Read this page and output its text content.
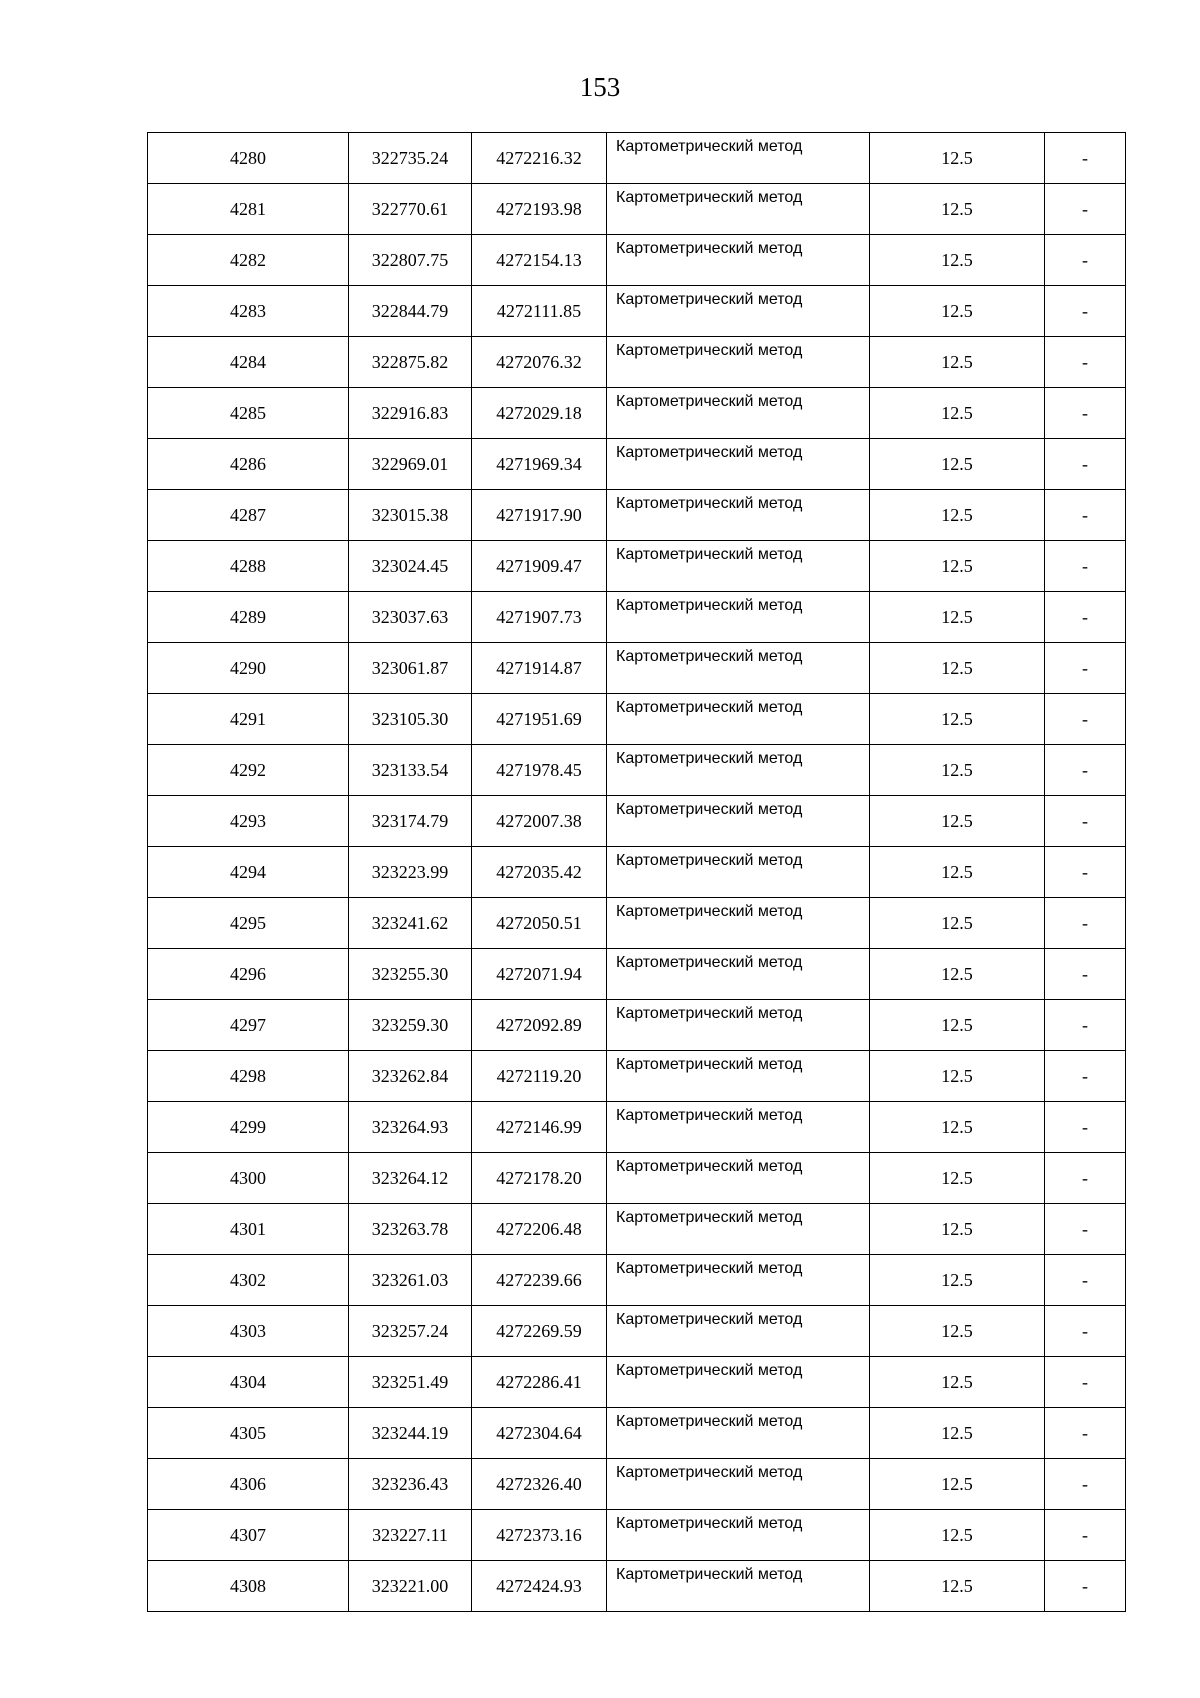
153
4280	322735.24	4272216.32	Картометрический метод	12.5	-
4281	322770.61	4272193.98	Картометрический метод	12.5	-
4282	322807.75	4272154.13	Картометрический метод	12.5	-
4283	322844.79	4272111.85	Картометрический метод	12.5	-
4284	322875.82	4272076.32	Картометрический метод	12.5	-
4285	322916.83	4272029.18	Картометрический метод	12.5	-
4286	322969.01	4271969.34	Картометрический метод	12.5	-
4287	323015.38	4271917.90	Картометрический метод	12.5	-
4288	323024.45	4271909.47	Картометрический метод	12.5	-
4289	323037.63	4271907.73	Картометрический метод	12.5	-
4290	323061.87	4271914.87	Картометрический метод	12.5	-
4291	323105.30	4271951.69	Картометрический метод	12.5	-
4292	323133.54	4271978.45	Картометрический метод	12.5	-
4293	323174.79	4272007.38	Картометрический метод	12.5	-
4294	323223.99	4272035.42	Картометрический метод	12.5	-
4295	323241.62	4272050.51	Картометрический метод	12.5	-
4296	323255.30	4272071.94	Картометрический метод	12.5	-
4297	323259.30	4272092.89	Картометрический метод	12.5	-
4298	323262.84	4272119.20	Картометрический метод	12.5	-
4299	323264.93	4272146.99	Картометрический метод	12.5	-
4300	323264.12	4272178.20	Картометрический метод	12.5	-
4301	323263.78	4272206.48	Картометрический метод	12.5	-
4302	323261.03	4272239.66	Картометрический метод	12.5	-
4303	323257.24	4272269.59	Картометрический метод	12.5	-
4304	323251.49	4272286.41	Картометрический метод	12.5	-
4305	323244.19	4272304.64	Картометрический метод	12.5	-
4306	323236.43	4272326.40	Картометрический метод	12.5	-
4307	323227.11	4272373.16	Картометрический метод	12.5	-
4308	323221.00	4272424.93	Картометрический метод	12.5	-
